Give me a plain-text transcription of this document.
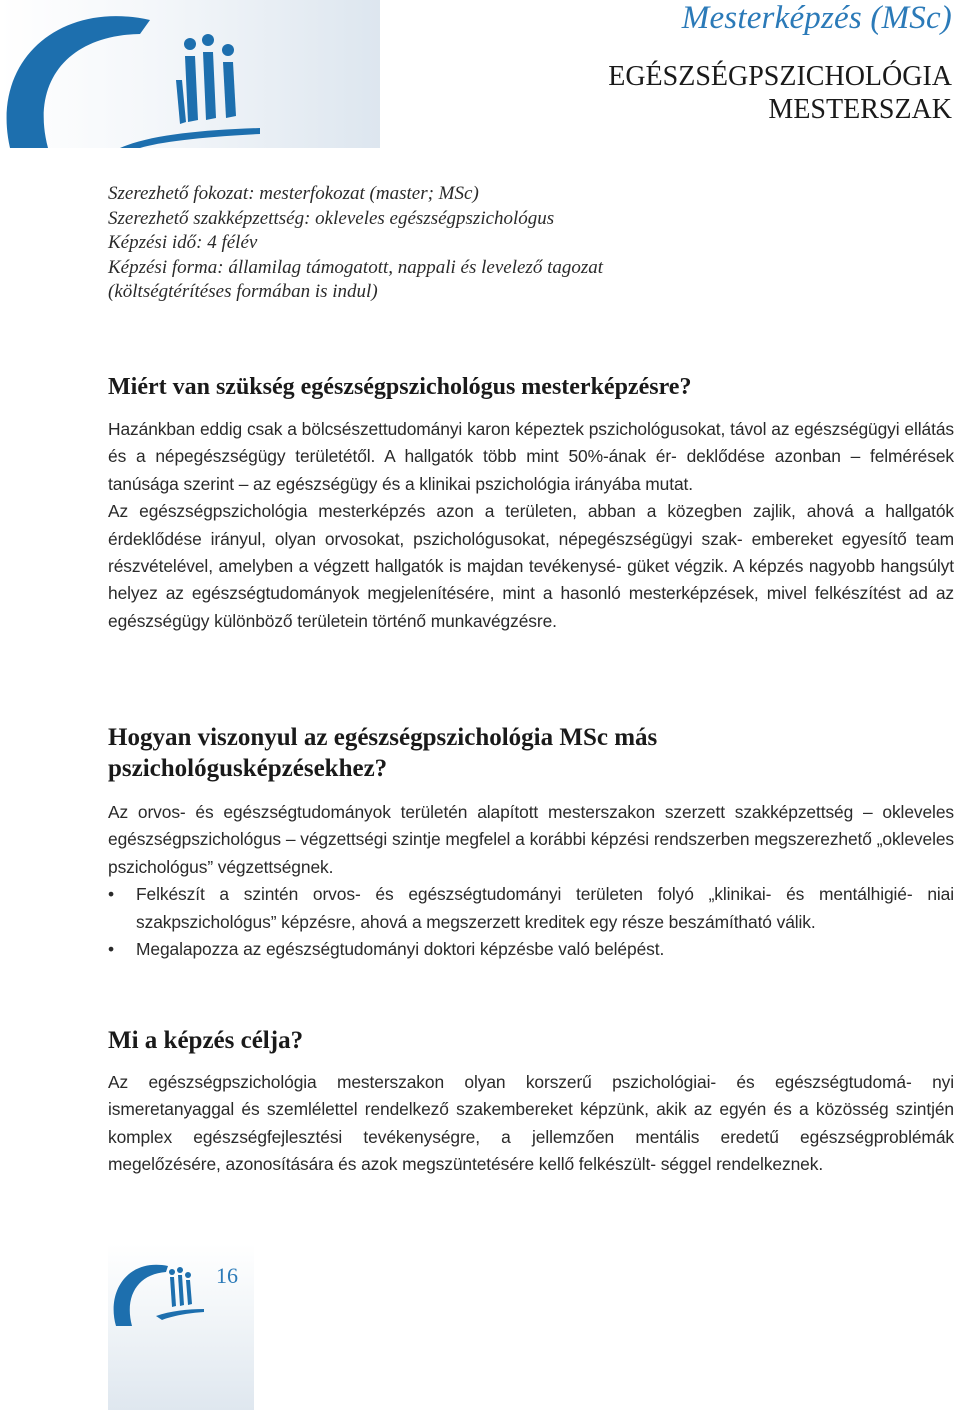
Mesterképzés (MSc)
EGÉSZSÉGPSZICHOLÓGIA
MESTERSZAK
Szerezhető fokozat: mesterfokozat (master; MSc)
Szerezhető szakképzettség: okleveles egészségpszichológus
Képzési idő: 4 félév
Képzési forma: államilag támogatott, nappali és levelező tagozat
(költségtérítéses formában is indul)
Miért van szükség egészségpszichológus mesterképzésre?

Hazánkban eddig csak a bölcsészettudományi karon képeztek pszichológusokat, távol az egészségügyi ellátás és a népegészségügy területétől. A hallgatók több mint 50%-ának ér- deklődése azonban – felmérések tanúsága szerint – az egészségügy és a klinikai pszichológia irányába mutat.

Az egészségpszichológia mesterképzés azon a területen, abban a közegben zajlik, ahová a hallgatók érdeklődése irányul, olyan orvosokat, pszichológusokat, népegészségügyi szak- embereket egyesítő team részvételével, amelyben a végzett hallgatók is majdan tevékenysé- güket végzik. A képzés nagyobb hangsúlyt helyez az egészségtudományok megjelenítésére, mint a hasonló mesterképzések, mivel felkészítést ad az egészségügy különböző területein történő munkavégzésre.

Hogyan viszonyul az egészségpszichológia MSc más
pszichológusképzésekhez?

Az orvos- és egészségtudományok területén alapított mesterszakon szerzett szakképzettség – okleveles egészségpszichológus – végzettségi szintje megfelel a korábbi képzési rendszerben megszerezhető „okleveles pszichológus” végzettségnek.

• Felkészít a szintén orvos- és egészségtudományi területen folyó „klinikai- és mentálhigié- niai szakpszichológus” képzésre, ahová a megszerzett kreditek egy része beszámítható válik.

• Megalapozza az egészségtudományi doktori képzésbe való belépést.

Mi a képzés célja?

Az egészségpszichológia mesterszakon olyan korszerű pszichológiai- és egészségtudomá- nyi ismeretanyaggal és szemlélettel rendelkező szakembereket képzünk, akik az egyén és a közösség szintjén komplex egészségfejlesztési tevékenységre, a jellemzően mentális eredetű egészségproblémák megelőzésére, azonosítására és azok megszüntetésére kellő felkészült- séggel rendelkeznek.

16
